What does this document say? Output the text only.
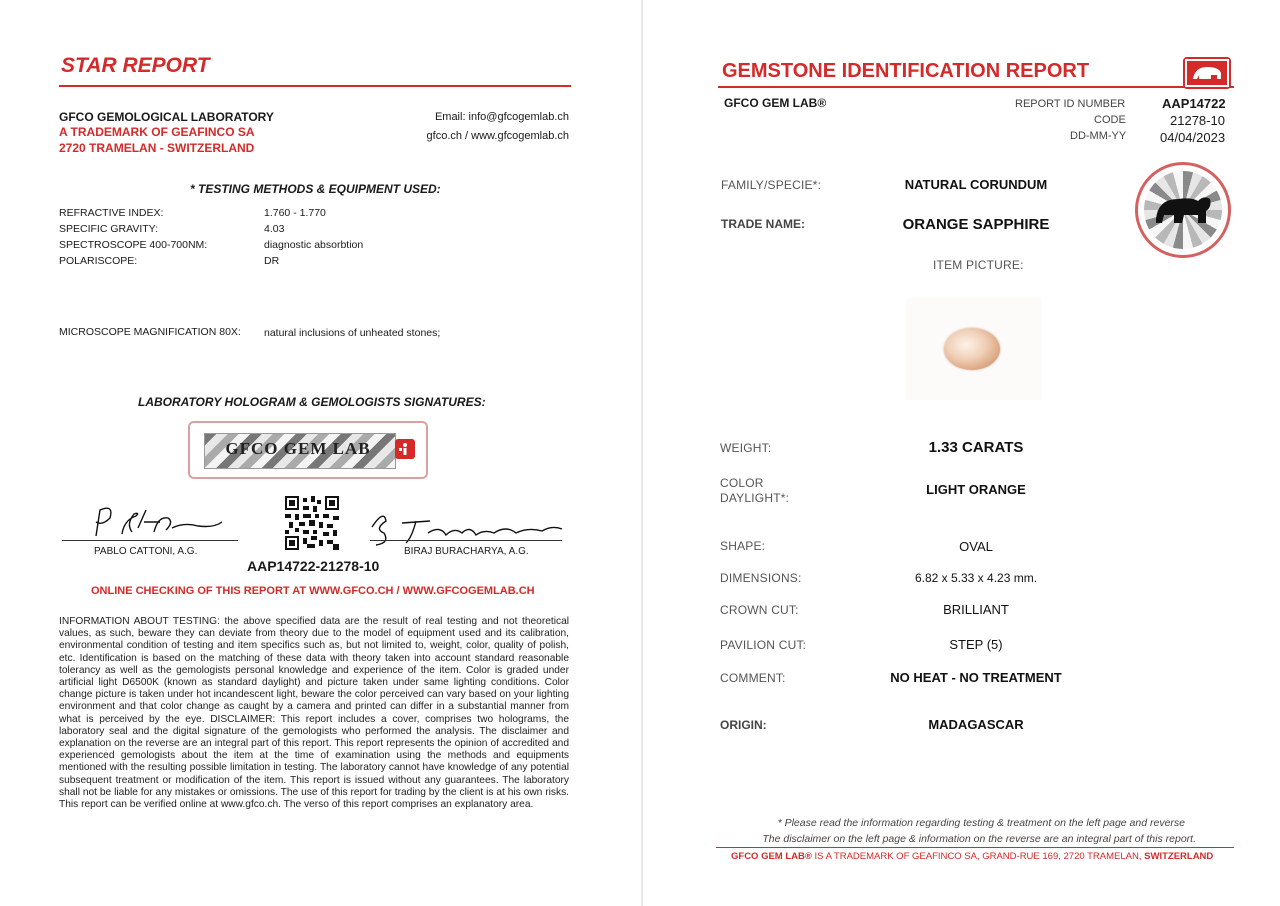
STAR REPORT
GFCO GEMOLOGICAL LABORATORY
A TRADEMARK OF GEAFINCO SA
2720 TRAMELAN - SWITZERLAND
Email: info@gfcogemlab.ch
gfco.ch / www.gfcogemlab.ch
* TESTING METHODS & EQUIPMENT USED:
REFRACTIVE INDEX:	1.760 - 1.770
SPECIFIC GRAVITY:	4.03
SPECTROSCOPE 400-700NM:	diagnostic absorbtion
POLARISCOPE:	DR
MICROSCOPE MAGNIFICATION 80X: natural inclusions of unheated stones;
LABORATORY HOLOGRAM & GEMOLOGISTS SIGNATURES:
GFCO GEM LAB
PABLO CATTONI, A.G.	BIRAJ BURACHARYA, A.G.
AAP14722-21278-10
ONLINE CHECKING OF THIS REPORT AT WWW.GFCO.CH / WWW.GFCOGEMLAB.CH
INFORMATION ABOUT TESTING: the above specified data are the result of real testing and not theoretical values, as such, beware they can deviate from theory due to the model of equipment used and its calibration, environmental condition of testing and item specifics such as, but not limited to, weight, color, quality of polish, etc. Identification is based on the matching of these data with theory taken into account standard reasonable tolerancy as well as the gemologists personal knowledge and experience of the item. Color is graded under artificial light D6500K (known as standard daylight) and picture taken under same lighting conditions. Color change picture is taken under hot incandescent light, beware the color perceived can vary based on your lighting environment and that color change as caught by a camera and printed can differ in a substantial manner from what is perceived by the eye. DISCLAIMER: This report includes a cover, comprises two holograms, the laboratory seal and the digital signature of the gemologists who performed the analysis. The disclaimer and explanation on the reverse are an integral part of this report. This report represents the opinion of accredited and experienced gemologists about the item at the time of examination using the methods and equipments mentioned with the resulting possible limitation in testing. The laboratory cannot have knowledge of any potential subsequent treatment or modification of the item. This report is issued without any guarantees. The laboratory shall not be liable for any mistakes or omissions. The use of this report for trading by the client is at his own risks. This report can be verified online at www.gfco.ch. The verso of this report comprises an explanatory area.
GEMSTONE IDENTIFICATION REPORT
GFCO GEM LAB®	REPORT ID NUMBER	AAP14722
CODE	21278-10
DD-MM-YY	04/04/2023
FAMILY/SPECIE*:	NATURAL CORUNDUM
TRADE NAME:	ORANGE SAPPHIRE
ITEM PICTURE:
WEIGHT:	1.33 CARATS
COLOR
DAYLIGHT*:
LIGHT ORANGE
SHAPE:	OVAL
DIMENSIONS:	6.82 x 5.33 x 4.23 mm.
CROWN CUT:	BRILLIANT
PAVILION CUT:	STEP (5)
COMMENT:	NO HEAT - NO TREATMENT
ORIGIN:	MADAGASCAR
* Please read the information regarding testing & treatment on the left page and reverse
The disclaimer on the left page & information on the reverse are an integral part of this report.
GFCO GEM LAB® IS A TRADEMARK OF GEAFINCO SA, GRAND-RUE 169, 2720 TRAMELAN, SWITZERLAND
